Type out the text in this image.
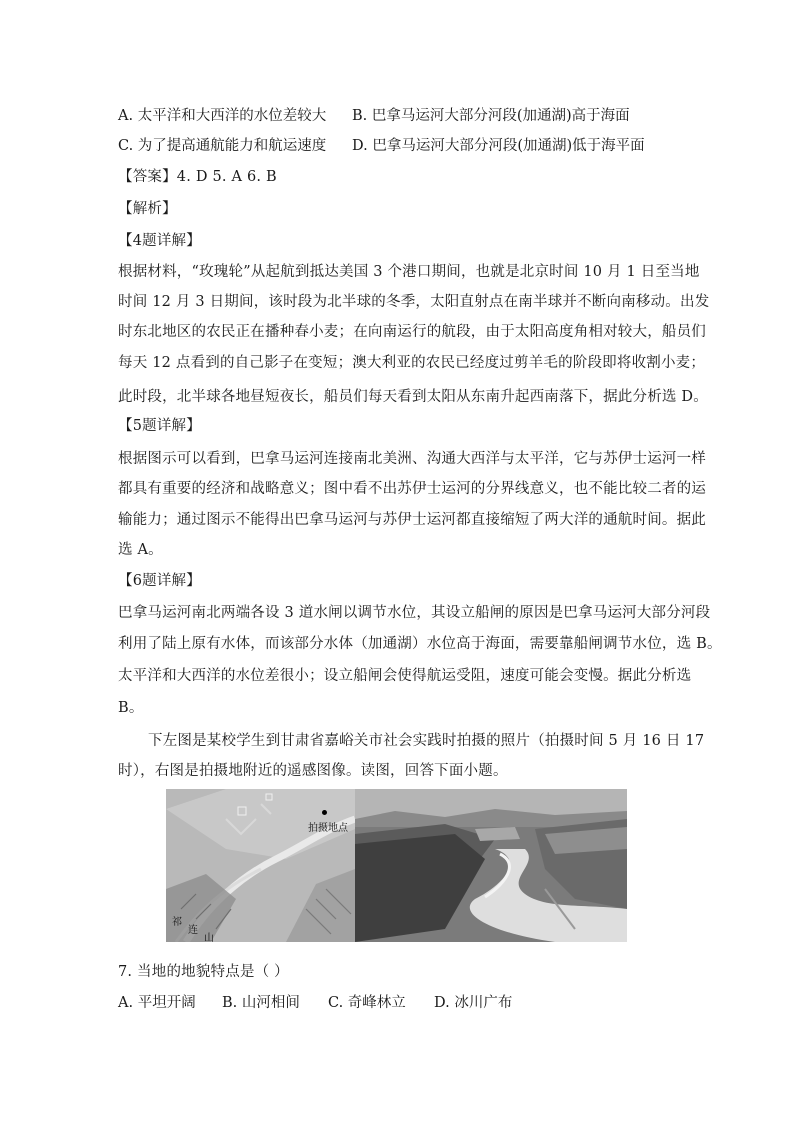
A. 太平洋和大西洋的水位差较大 B. 巴拿马运河大部分河段(加通湖)高于海面
C. 为了提高通航能力和航运速度 D. 巴拿马运河大部分河段(加通湖)低于海平面
【答案】4. D 5. A 6. B
【解析】
【4题详解】
根据材料，“玫瑰轮”从起航到抵达美国 3 个港口期间，也就是北京时间 10 月 1 日至当地
时间 12 月 3 日期间，该时段为北半球的冬季，太阳直射点在南半球并不断向南移动。出发
时东北地区的农民正在播种春小麦；在向南运行的航段，由于太阳高度角相对较大，船员们
每天 12 点看到的自己影子在变短；澳大利亚的农民已经度过剪羊毛的阶段即将收割小麦；
此时段，北半球各地昼短夜长，船员们每天看到太阳从东南升起西南落下，据此分析选 D。
【5题详解】
根据图示可以看到，巴拿马运河连接南北美洲、沟通大西洋与太平洋，它与苏伊士运河一样
都具有重要的经济和战略意义；图中看不出苏伊士运河的分界线意义，也不能比较二者的运
输能力；通过图示不能得出巴拿马运河与苏伊士运河都直接缩短了两大洋的通航时间。据此
选 A。
【6题详解】
巴拿马运河南北两端各设 3 道水闸以调节水位，其设立船闸的原因是巴拿马运河大部分河段
利用了陆上原有水体，而该部分水体（加通湖）水位高于海面，需要靠船闸调节水位，选 B。
太平洋和大西洋的水位差很小；设立船闸会使得航运受阻，速度可能会变慢。据此分析选
B。
下左图是某校学生到甘肃省嘉峪关市社会实践时拍摄的照片（拍摄时间 5 月 16 日 17
时），右图是拍摄地附近的遥感图像。读图，回答下面小题。
拍摄地点
祁
连
山
7. 当地的地貌特点是（ ）
A. 平坦开阔 B. 山河相间 C. 奇峰林立 D. 冰川广布
